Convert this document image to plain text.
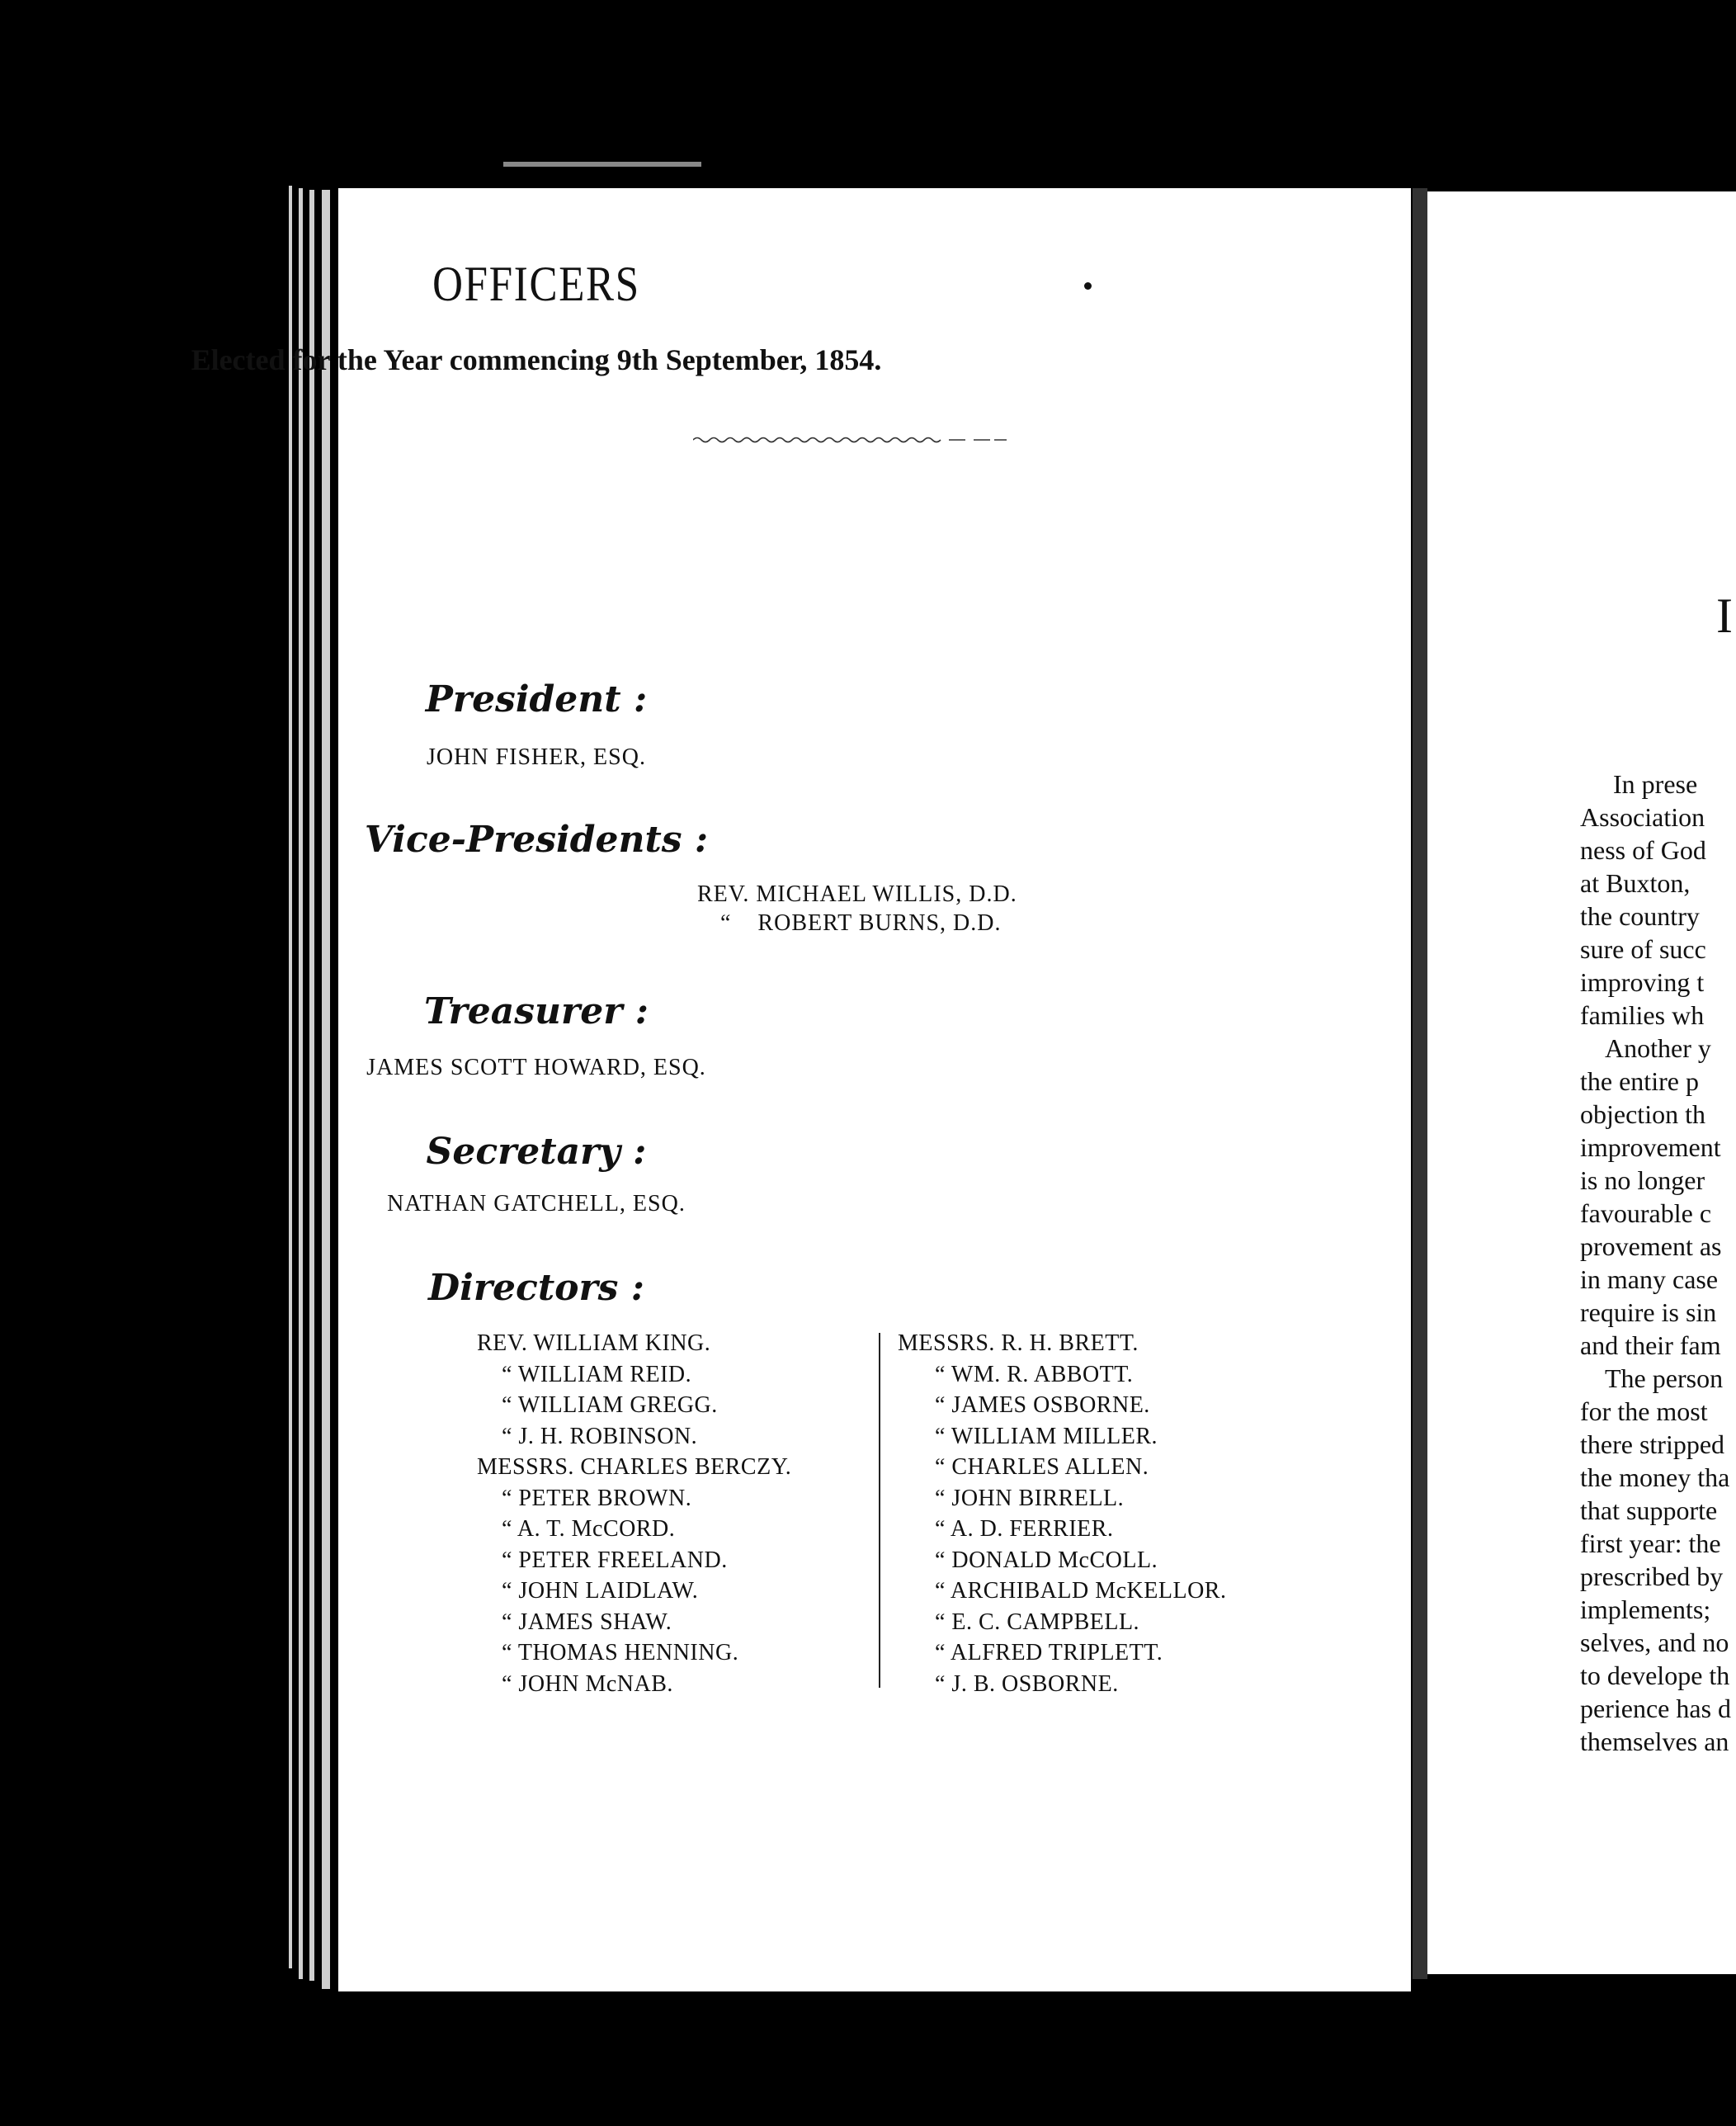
OFFICERS
Elected for the Year commencing 9th September, 1854.
President :
JOHN FISHER, ESQ.
Vice-Presidents :
REV. MICHAEL WILLIS, D.D.
“    ROBERT BURNS, D.D.
Treasurer :
JAMES SCOTT HOWARD, ESQ.
Secretary :
NATHAN GATCHELL, ESQ.
Directors :
REV. WILLIAM KING.
“ WILLIAM REID.
“ WILLIAM GREGG.
“ J. H. ROBINSON.
MESSRS. CHARLES BERCZY.
“ PETER BROWN.
“ A. T. McCORD.
“ PETER FREELAND.
“ JOHN LAIDLAW.
“ JAMES SHAW.
“ THOMAS HENNING.
“ JOHN McNAB.
MESSRS. R. H. BRETT.
“ WM. R. ABBOTT.
“ JAMES OSBORNE.
“ WILLIAM MILLER.
“ CHARLES ALLEN.
“ JOHN BIRRELL.
“ A. D. FERRIER.
“ DONALD McCOLL.
“ ARCHIBALD McKELLOR.
“ E. C. CAMPBELL.
“ ALFRED TRIPLETT.
“ J. B. OSBORNE.
I
In prese
Association
ness of God
at Buxton,
the country
sure of succ
improving t
families wh
Another y
the entire p
objection th
improvement
is no longer
favourable c
provement as
in many case
require is sin
and their fam
The person
for the most
there stripped
the money tha
that supporte
first year: the
prescribed by
implements;
selves, and no
to develope th
perience has d
themselves an
